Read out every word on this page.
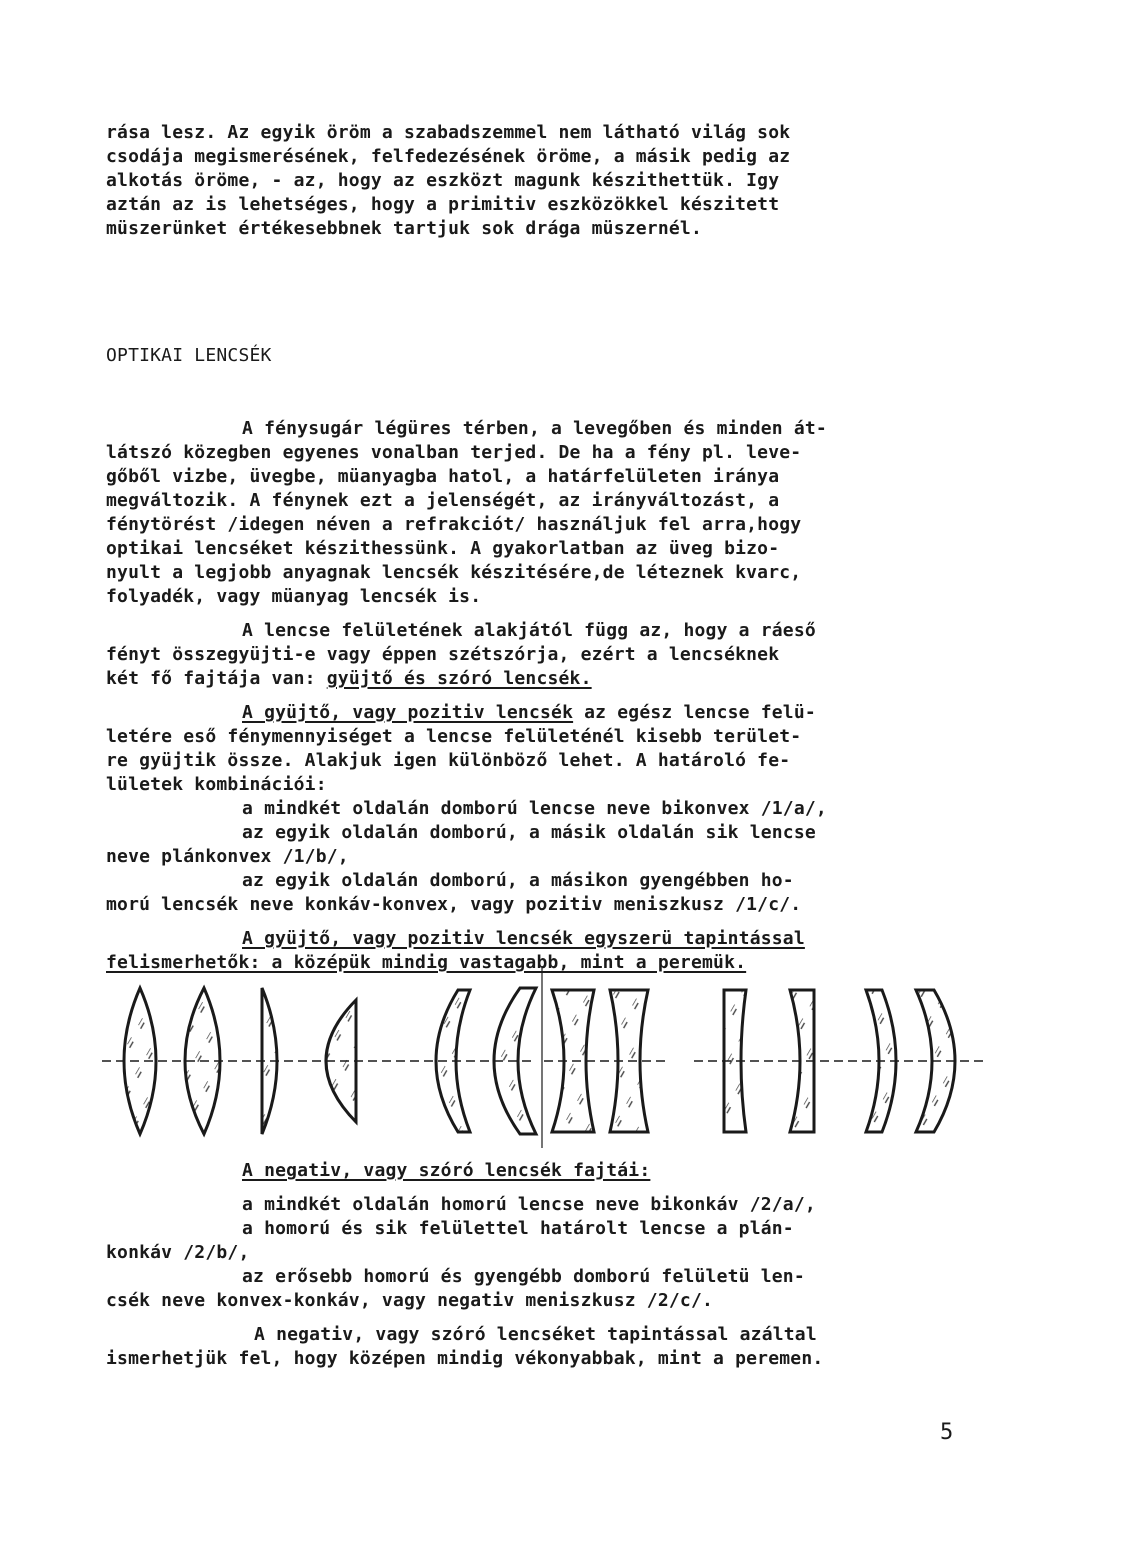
rása lesz. Az egyik öröm a szabadszemmel nem látható világ sok
csodája megismerésének, felfedezésének öröme, a másik pedig az
alkotás öröme, - az, hogy az eszközt magunk készithettük. Igy
aztán az is lehetséges, hogy a primitiv eszközökkel készitett
müszerünket értékesebbnek tartjuk sok drága müszernél.
OPTIKAI LENCSÉK
A fénysugár légüres térben, a levegőben és minden át-
látszó közegben egyenes vonalban terjed. De ha a fény pl. leve-
gőből vizbe, üvegbe, müanyagba hatol, a határfelületen iránya
megváltozik. A fénynek ezt a jelenségét, az irányváltozást, a
fénytörést /idegen néven a refrakciót/ használjuk fel arra,hogy
optikai lencséket készithessünk. A gyakorlatban az üveg bizo-
nyult a legjobb anyagnak lencsék készitésére,de léteznek kvarc,
folyadék, vagy müanyag lencsék is.
A lencse felületének alakjától függ az, hogy a ráeső
fényt összegyüjti-e vagy éppen szétszórja, ezért a lencséknek
két fő fajtája van: gyüjtő és szóró lencsék.
A gyüjtő, vagy pozitiv lencsék az egész lencse felü-
letére eső fénymennyiséget a lencse felületénél kisebb terület-
re gyüjtik össze. Alakjuk igen különböző lehet. A határoló fe-
lületek kombinációi:
a mindkét oldalán domború lencse neve bikonvex /1/a/,
az egyik oldalán domború, a másik oldalán sik lencse
neve plánkonvex /1/b/,
az egyik oldalán domború, a másikon gyengébben ho-
morú lencsék neve konkáv-konvex, vagy pozitiv meniszkusz /1/c/.
A gyüjtő, vagy pozitiv lencsék egyszerü tapintással
felismerhetők: a középük mindig vastagabb, mint a peremük.
A negativ, vagy szóró lencsék fajtái:
a mindkét oldalán homorú lencse neve bikonkáv /2/a/,
a homorú és sik felülettel határolt lencse a plán-
konkáv /2/b/,
az erősebb homorú és gyengébb domború felületü len-
csék neve konvex-konkáv, vagy negativ meniszkusz /2/c/.
A negativ, vagy szóró lencséket tapintással azáltal
ismerhetjük fel, hogy középen mindig vékonyabbak, mint a peremen.
5
